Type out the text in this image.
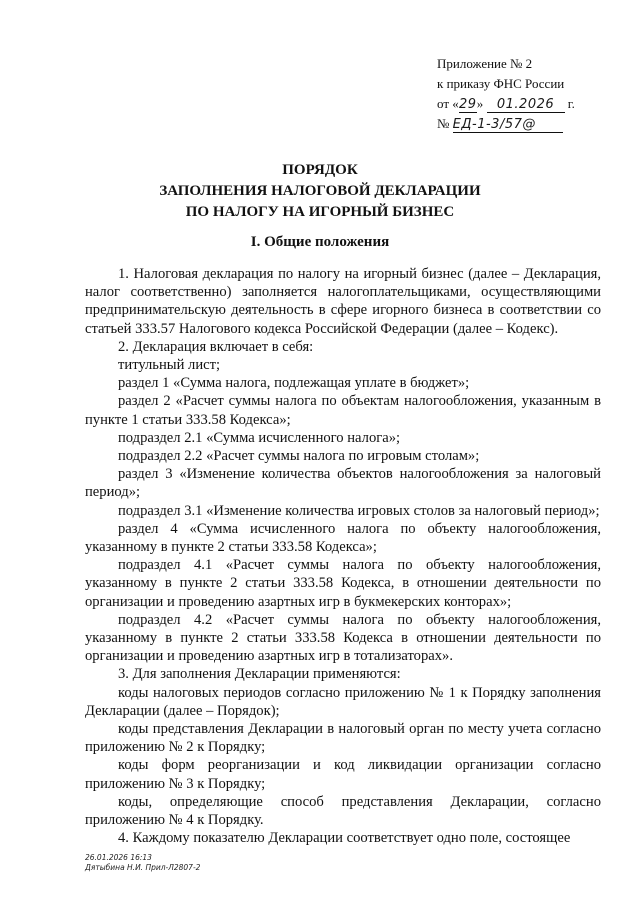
Приложение № 2
к приказу ФНС России
от «29» 01.2026 г.
№ ЕД-1-3/57@
ПОРЯДОК
ЗАПОЛНЕНИЯ НАЛОГОВОЙ ДЕКЛАРАЦИИ
ПО НАЛОГУ НА ИГОРНЫЙ БИЗНЕС
I. Общие положения

1. Налоговая декларация по налогу на игорный бизнес (далее – Декларация, налог соответственно) заполняется налогоплательщиками, осуществляющими предпринимательскую деятельность в сфере игорного бизнеса в соответствии со статьей 333.57 Налогового кодекса Российской Федерации (далее – Кодекс).

2. Декларация включает в себя:

титульный лист;

раздел 1 «Сумма налога, подлежащая уплате в бюджет»;

раздел 2 «Расчет суммы налога по объектам налогообложения, указанным в пункте 1 статьи 333.58 Кодекса»;

подраздел 2.1 «Сумма исчисленного налога»;

подраздел 2.2 «Расчет суммы налога по игровым столам»;

раздел 3 «Изменение количества объектов налогообложения за налоговый период»;

подраздел 3.1 «Изменение количества игровых столов за налоговый период»;

раздел 4 «Сумма исчисленного налога по объекту налогообложения, указанному в пункте 2 статьи 333.58 Кодекса»;

подраздел 4.1 «Расчет суммы налога по объекту налогообложения, указанному в пункте 2 статьи 333.58 Кодекса, в отношении деятельности по организации и проведению азартных игр в букмекерских конторах»;

подраздел 4.2 «Расчет суммы налога по объекту налогообложения, указанному в пункте 2 статьи 333.58 Кодекса в отношении деятельности по организации и проведению азартных игр в тотализаторах».

3. Для заполнения Декларации применяются:

коды налоговых периодов согласно приложению № 1 к Порядку заполнения Декларации (далее – Порядок);

коды представления Декларации в налоговый орган по месту учета согласно приложению № 2 к Порядку;

коды форм реорганизации и код ликвидации организации согласно приложению № 3 к Порядку;

коды, определяющие способ представления Декларации, согласно приложению № 4 к Порядку.

4. Каждому показателю Декларации соответствует одно поле, состоящее

26.01.2026 16:13
Дятыбина Н.И. Прил-Л2807-2
